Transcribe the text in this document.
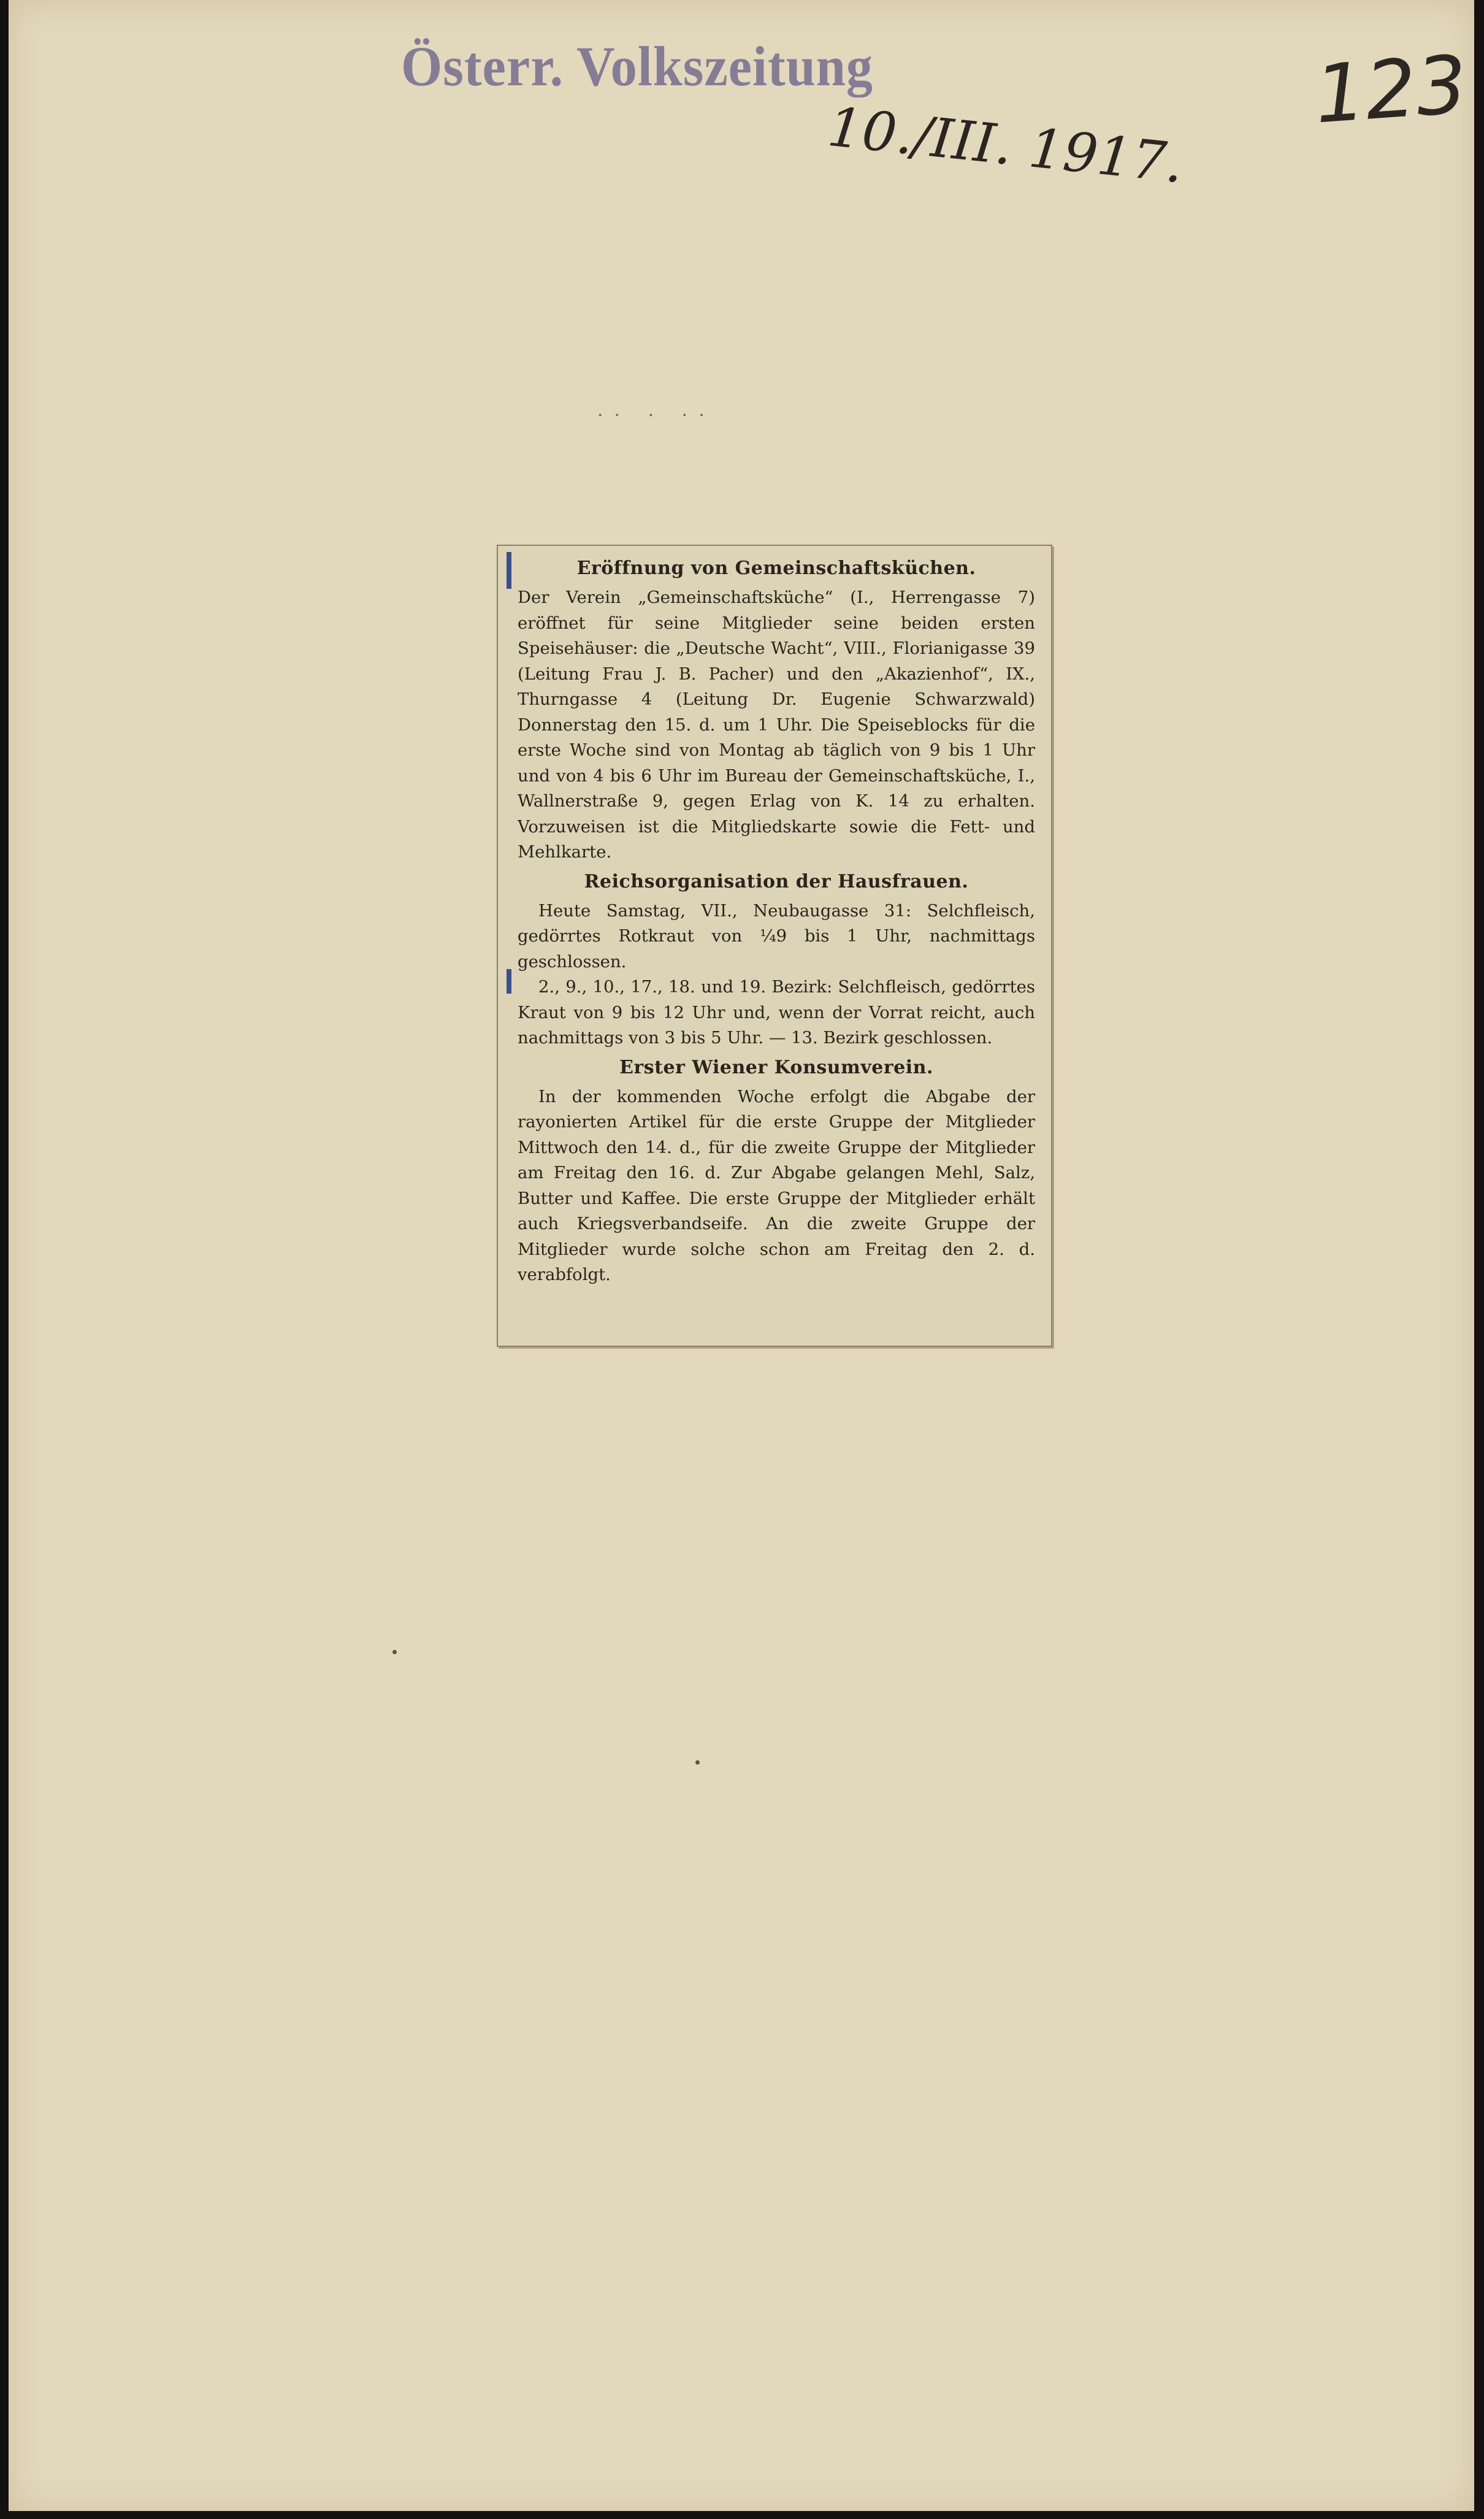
Österr. Volkszeitung
10./III. 1917.
123
·· · ··
Eröffnung von Gemeinschaftsküchen.

Der Verein „Gemeinschaftsküche“ (I., Herrengasse 7) eröffnet für seine Mitglieder seine beiden ersten Speisehäuser: die „Deutsche Wacht“, VIII., Florianigasse 39 (Leitung Frau J. B. Pacher) und den „Akazienhof“, IX., Thurngasse 4 (Leitung Dr. Eugenie Schwarzwald) Donnerstag den 15. d. um 1 Uhr. Die Speiseblocks für die erste Woche sind von Montag ab täglich von 9 bis 1 Uhr und von 4 bis 6 Uhr im Bureau der Gemeinschaftsküche, I., Wallnerstraße 9, gegen Erlag von K. 14 zu erhalten. Vorzuweisen ist die Mitgliedskarte sowie die Fett- und Mehlkarte.

Reichsorganisation der Hausfrauen.

Heute Samstag, VII., Neubaugasse 31: Selchfleisch, gedörrtes Rotkraut von ¼9 bis 1 Uhr, nachmittags geschlossen.

2., 9., 10., 17., 18. und 19. Bezirk: Selchfleisch, gedörrtes Kraut von 9 bis 12 Uhr und, wenn der Vorrat reicht, auch nachmittags von 3 bis 5 Uhr. — 13. Bezirk geschlossen.

Erster Wiener Konsumverein.

In der kommenden Woche erfolgt die Abgabe der rayonierten Artikel für die erste Gruppe der Mitglieder Mittwoch den 14. d., für die zweite Gruppe der Mitglieder am Freitag den 16. d. Zur Abgabe gelangen Mehl, Salz, Butter und Kaffee. Die erste Gruppe der Mitglieder erhält auch Kriegsverbandseife. An die zweite Gruppe der Mitglieder wurde solche schon am Freitag den 2. d. verabfolgt.
